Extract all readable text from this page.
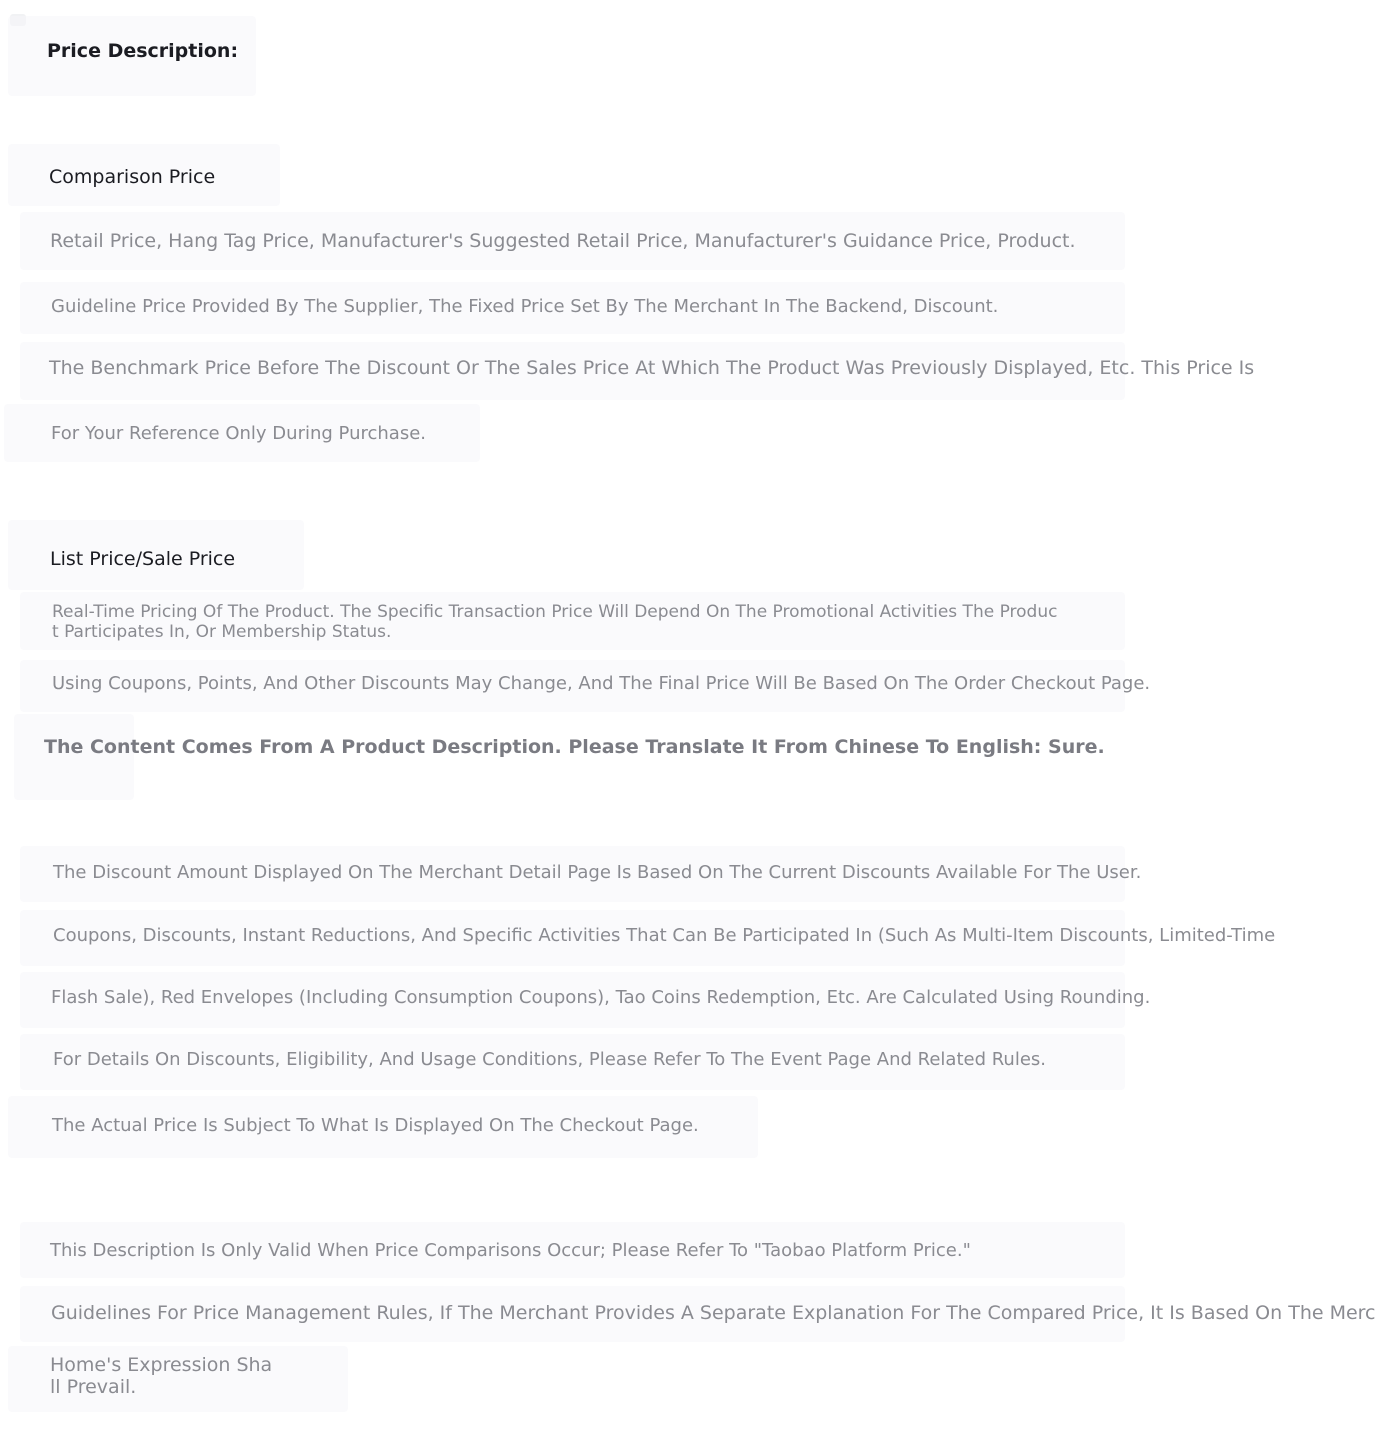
Price Description:
Comparison Price
Retail Price, Hang Tag Price, Manufacturer's Suggested Retail Price, Manufacturer's Guidance Price, Product.
Guideline Price Provided By The Supplier, The Fixed Price Set By The Merchant In The Backend, Discount.
The Benchmark Price Before The Discount Or The Sales Price At Which The Product Was Previously Displayed, Etc. This Price Is
For Your Reference Only During Purchase.
List Price/Sale Price
Real-Time Pricing Of The Product. The Specific Transaction Price Will Depend On The Promotional Activities The Produc
t Participates In, Or Membership Status.
Using Coupons, Points, And Other Discounts May Change, And The Final Price Will Be Based On The Order Checkout Page.
The Content Comes From A Product Description. Please Translate It From Chinese To English: Sure.
The Discount Amount Displayed On The Merchant Detail Page Is Based On The Current Discounts Available For The User.
Coupons, Discounts, Instant Reductions, And Specific Activities That Can Be Participated In (Such As Multi-Item Discounts, Limited-Time
Flash Sale), Red Envelopes (Including Consumption Coupons), Tao Coins Redemption, Etc. Are Calculated Using Rounding.
For Details On Discounts, Eligibility, And Usage Conditions, Please Refer To The Event Page And Related Rules.
The Actual Price Is Subject To What Is Displayed On The Checkout Page.
This Description Is Only Valid When Price Comparisons Occur; Please Refer To "Taobao Platform Price."
Guidelines For Price Management Rules, If The Merchant Provides A Separate Explanation For The Compared Price, It Is Based On The Merc
Home's Expression Sha
ll Prevail.
